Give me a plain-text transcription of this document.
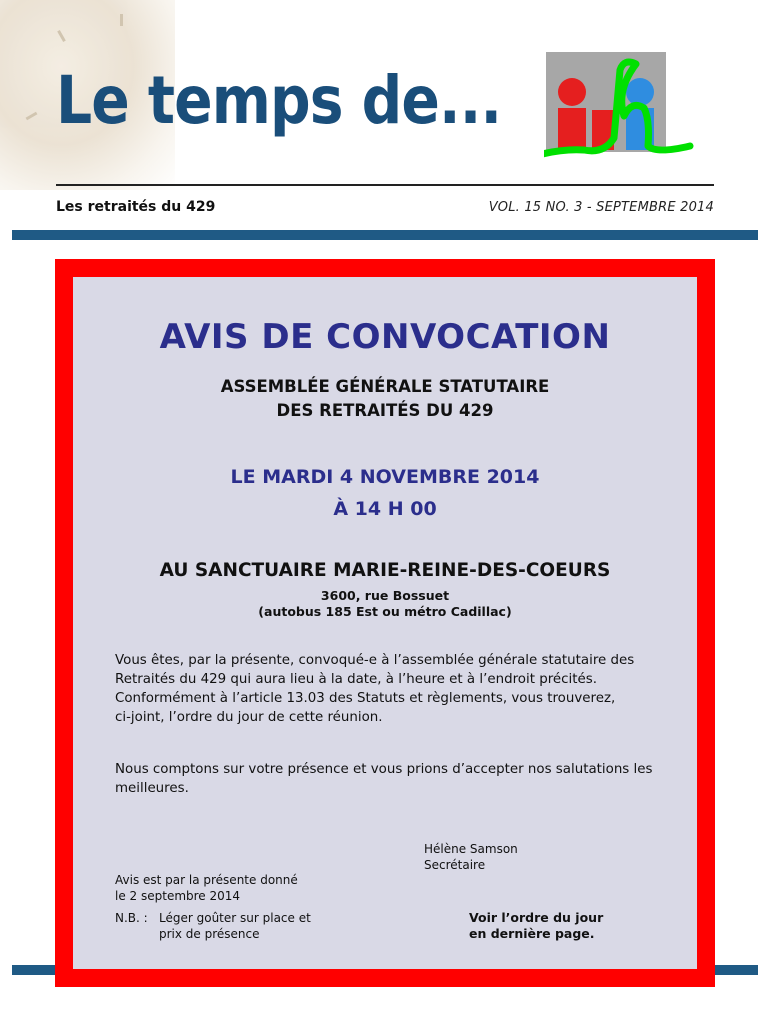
Le temps de...
Les retraités du 429	VOL. 15 NO. 3 - SEPTEMBRE 2014
AVIS DE CONVOCATION
ASSEMBLÉE GÉNÉRALE STATUTAIRE
DES RETRAITÉS DU 429
LE MARDI 4 NOVEMBRE 2014
À 14 H 00
AU SANCTUAIRE MARIE-REINE-DES-COEURS
3600, rue Bossuet
(autobus 185 Est ou métro Cadillac)
Vous êtes, par la présente, convoqué-e à l’assemblée générale statutaire des
Retraités du 429 qui aura lieu à la date, à l’heure et à l’endroit précités.
Conformément à l’article 13.03 des Statuts et règlements, vous trouverez,
ci-joint, l’ordre du jour de cette réunion.
Nous comptons sur votre présence et vous prions d’accepter nos salutations les
meilleures.
Hélène Samson
Secrétaire
Avis est par la présente donné
le 2 septembre 2014
N.B. : Léger goûter sur place et
prix de présence
Voir l’ordre du jour
en dernière page.
